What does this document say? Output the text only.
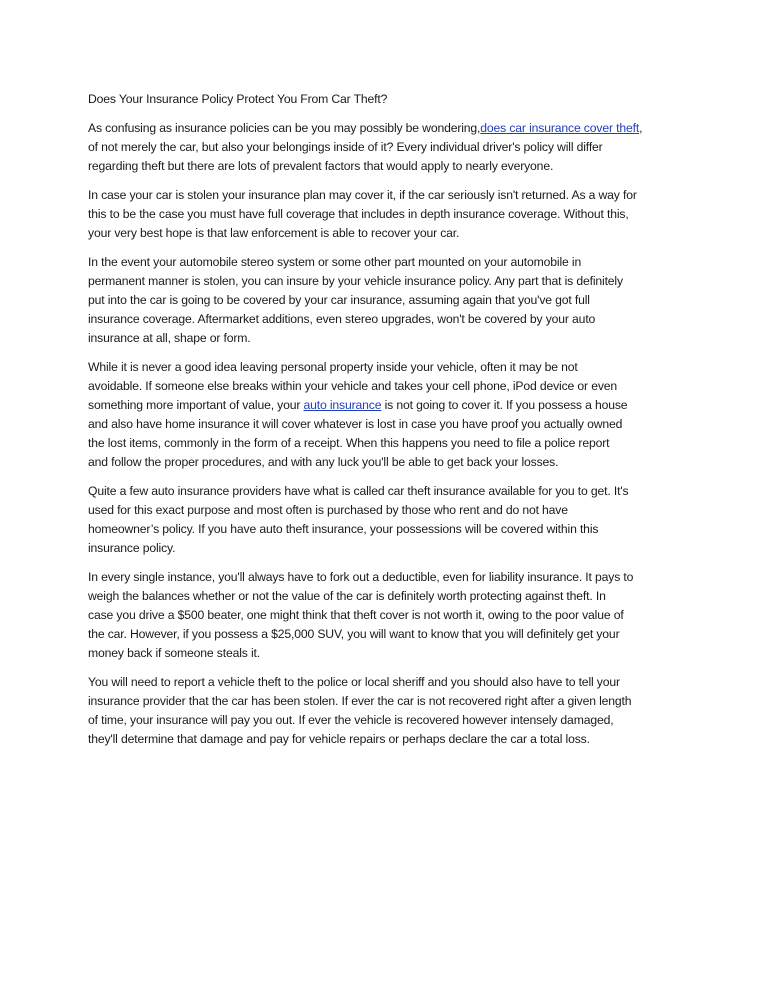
Does Your Insurance Policy Protect You From Car Theft?
As confusing as insurance policies can be you may possibly be wondering,does car insurance cover theft,
of not merely the car, but also your belongings inside of it? Every individual driver's policy will differ
regarding theft but there are lots of prevalent factors that would apply to nearly everyone.
In case your car is stolen your insurance plan may cover it, if the car seriously isn't returned. As a way for
this to be the case you must have full coverage that includes in depth insurance coverage. Without this,
your very best hope is that law enforcement is able to recover your car.
In the event your automobile stereo system or some other part mounted on your automobile in
permanent manner is stolen, you can insure by your vehicle insurance policy. Any part that is definitely
put into the car is going to be covered by your car insurance, assuming again that you've got full
insurance coverage. Aftermarket additions, even stereo upgrades, won't be covered by your auto
insurance at all, shape or form.
While it is never a good idea leaving personal property inside your vehicle, often it may be not
avoidable. If someone else breaks within your vehicle and takes your cell phone, iPod device or even
something more important of value, your auto insurance is not going to cover it. If you possess a house
and also have home insurance it will cover whatever is lost in case you have proof you actually owned
the lost items, commonly in the form of a receipt. When this happens you need to file a police report
and follow the proper procedures, and with any luck you'll be able to get back your losses.
Quite a few auto insurance providers have what is called car theft insurance available for you to get. It's
used for this exact purpose and most often is purchased by those who rent and do not have
homeowner’s policy. If you have auto theft insurance, your possessions will be covered within this
insurance policy.
In every single instance, you'll always have to fork out a deductible, even for liability insurance. It pays to
weigh the balances whether or not the value of the car is definitely worth protecting against theft. In
case you drive a $500 beater, one might think that theft cover is not worth it, owing to the poor value of
the car. However, if you possess a $25,000 SUV, you will want to know that you will definitely get your
money back if someone steals it.
You will need to report a vehicle theft to the police or local sheriff and you should also have to tell your
insurance provider that the car has been stolen. If ever the car is not recovered right after a given length
of time, your insurance will pay you out. If ever the vehicle is recovered however intensely damaged,
they'll determine that damage and pay for vehicle repairs or perhaps declare the car a total loss.
